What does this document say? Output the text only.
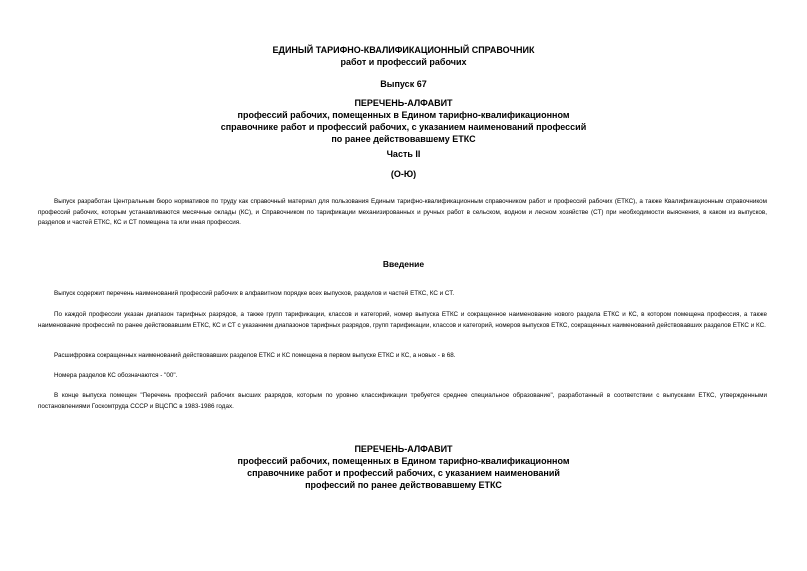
ЕДИНЫЙ ТАРИФНО-КВАЛИФИКАЦИОННЫЙ СПРАВОЧНИК
работ и профессий рабочих
Выпуск 67
ПЕРЕЧЕНЬ-АЛФАВИТ
профессий рабочих, помещенных в Едином тарифно-квалификационном
справочнике работ и профессий рабочих, с указанием наименований профессий
по ранее действовавшему ЕТКС
Часть II
(О-Ю)

Выпуск разработан Центральным бюро нормативов по труду как справочный материал для пользования Единым тарифно-квалификационным справочником работ и профессий рабочих (ЕТКС), а также Квалификационным справочником профессий рабочих, которым устанавливаются месячные оклады (КС), и Справочником по тарификации механизированных и ручных работ в сельском, водном и лесном хозяйстве (СТ) при необходимости выяснения, в каком из выпусков, разделов и частей ЕТКС, КС и СТ помещена та или иная профессия.

Введение

Выпуск содержит перечень наименований профессий рабочих в алфавитном порядке всех выпусков, разделов и частей ЕТКС, КС и СТ.

По каждой профессии указан диапазон тарифных разрядов, а также групп тарификации, классов и категорий, номер выпуска ЕТКС и сокращенное наименование нового раздела ЕТКС и КС, в котором помещена профессия, а также наименование профессий по ранее действовавшим ЕТКС, КС и СТ с указанием диапазонов тарифных разрядов, групп тарификации, классов и категорий, номеров выпусков ЕТКС, сокращенных наименований действовавших разделов ЕТКС и КС.

Расшифровка сокращенных наименований действовавших разделов ЕТКС и КС помещена в первом выпуске ЕТКС и КС, а новых - в 68.

Номера разделов КС обозначаются - "00".

В конце выпуска помещен "Перечень профессий рабочих высших разрядов, которым по уровню классификации требуется среднее специальное образование", разработанный в соответствии с выпусками ЕТКС, утвержденными постановлениями Госкомтруда СССР и ВЦСПС в 1983-1986 годах.

ПЕРЕЧЕНЬ-АЛФАВИТ
профессий рабочих, помещенных в Едином тарифно-квалификационном
справочнике работ и профессий рабочих, с указанием наименований
профессий по ранее действовавшему ЕТКС
